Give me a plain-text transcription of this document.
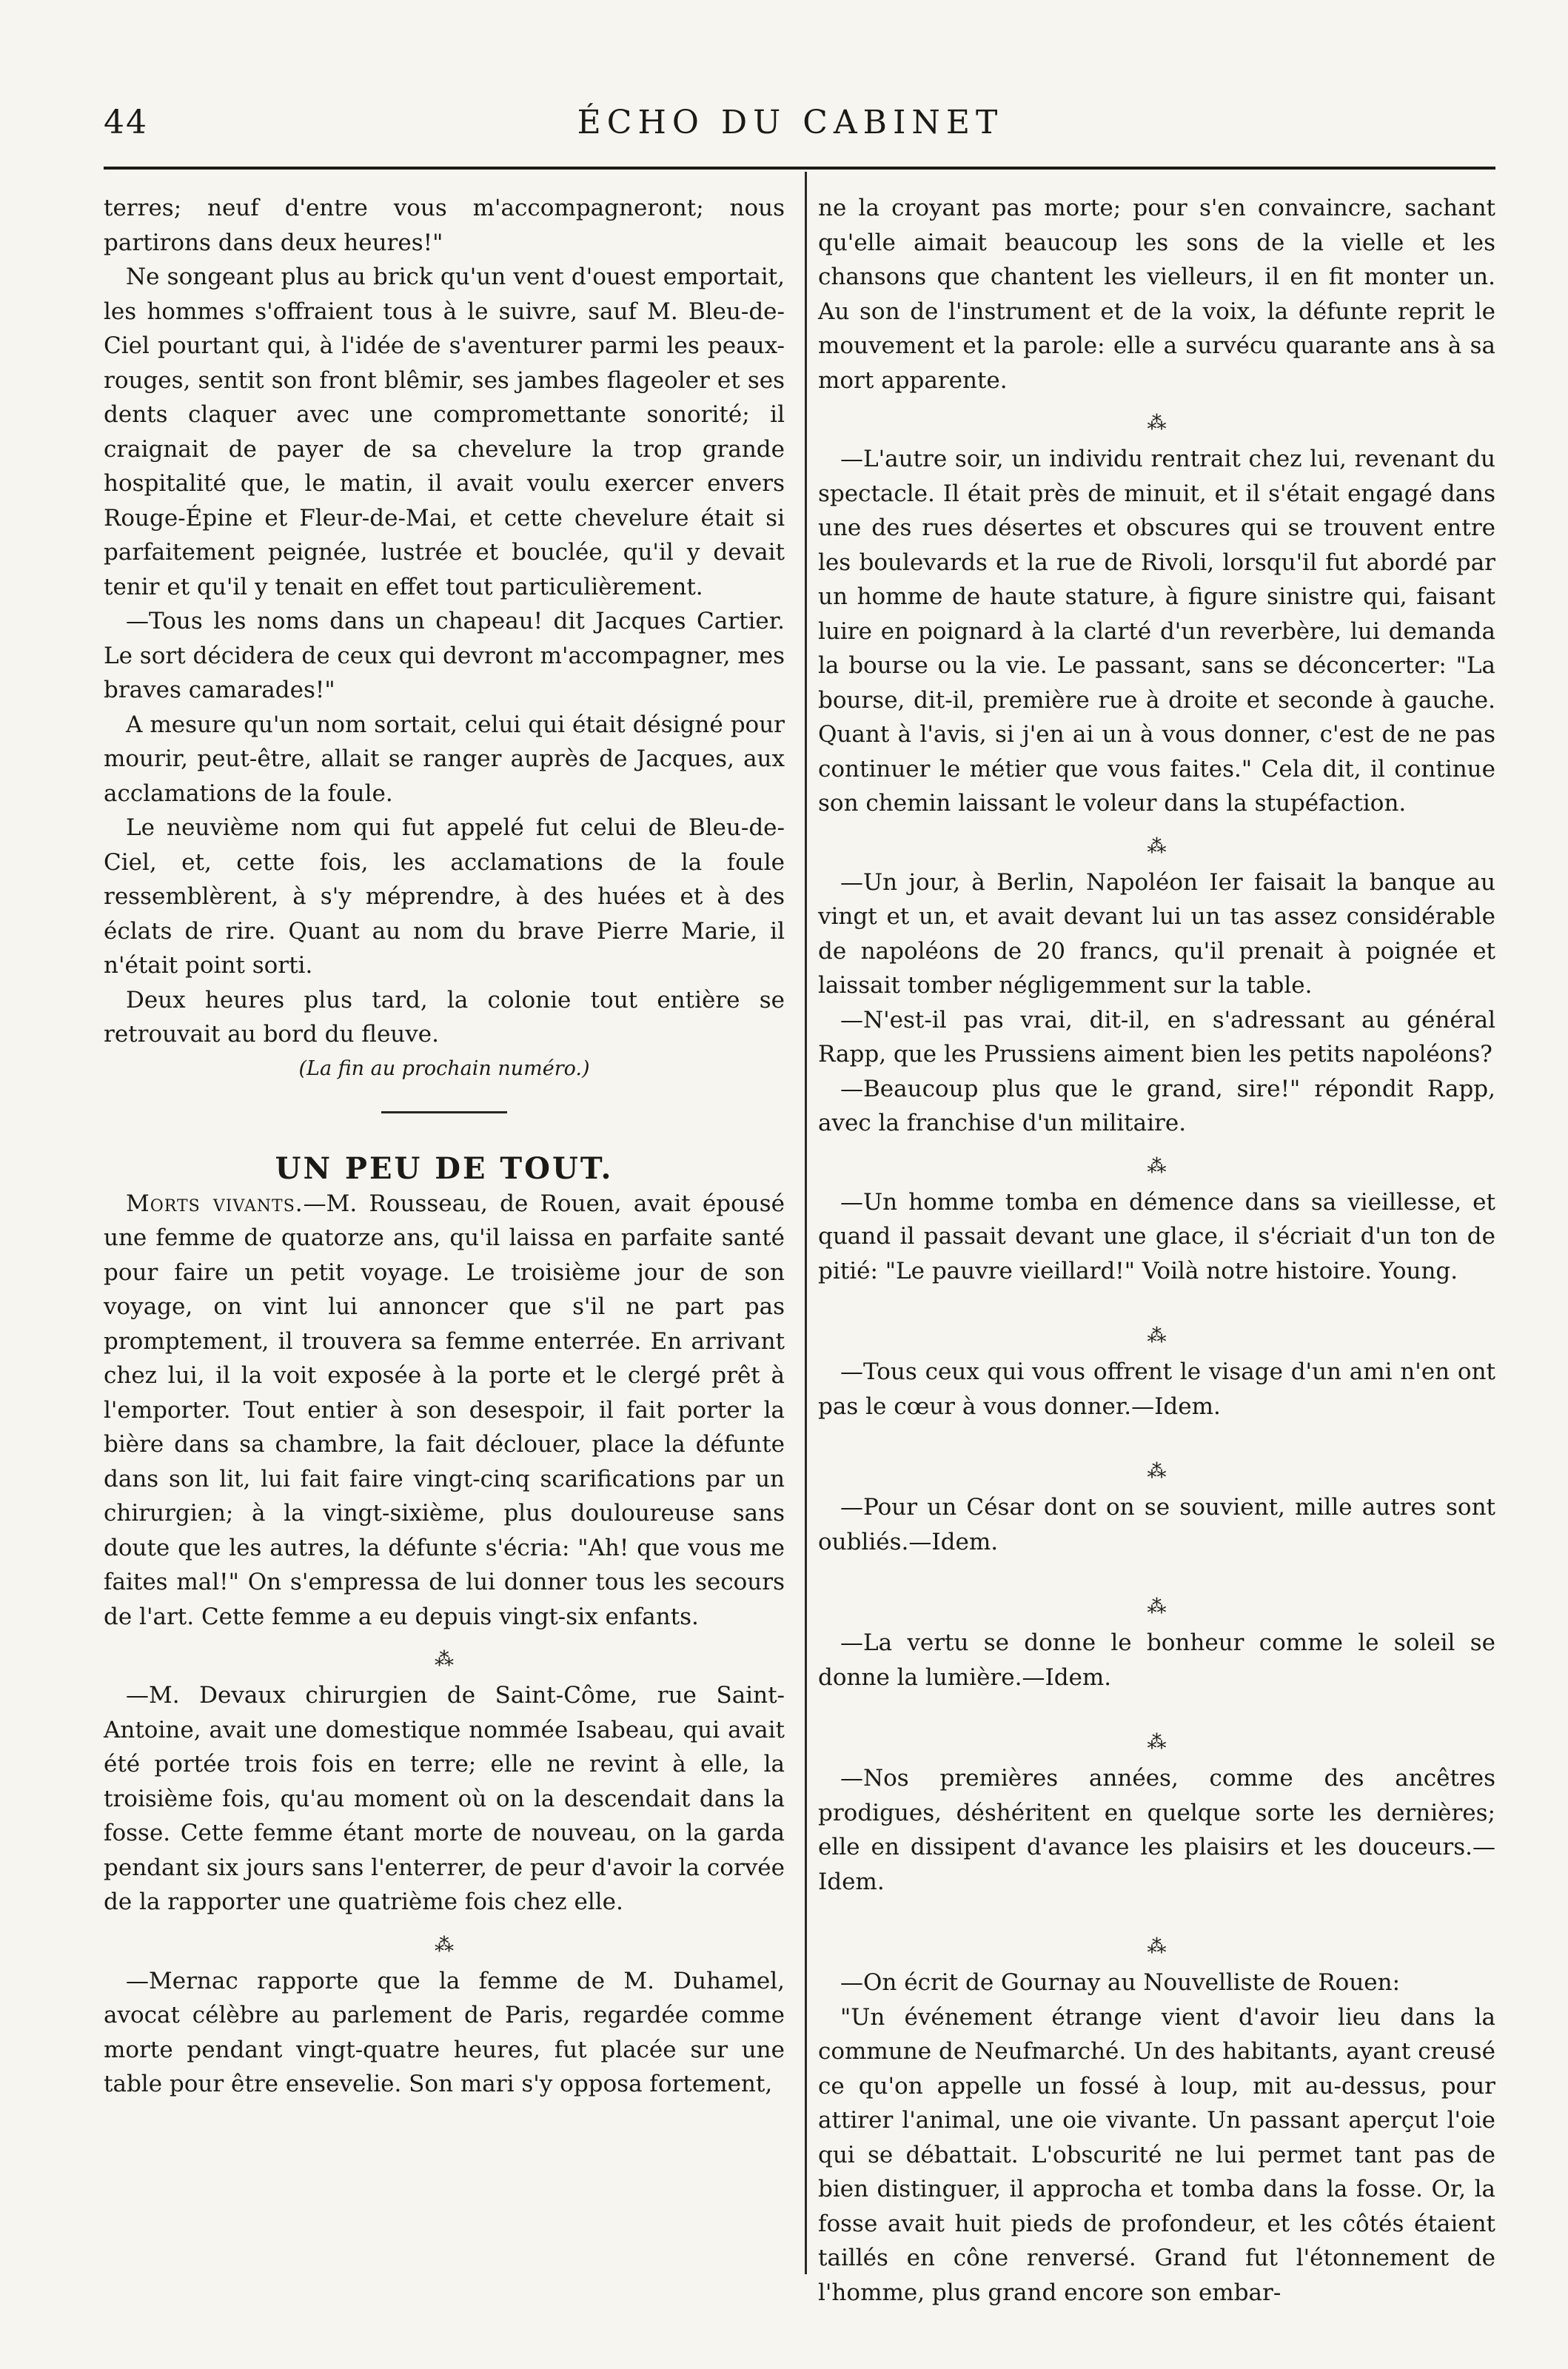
44	ÉCHO DU CABINET

terres; neuf d'entre vous m'accompagneront; nous partirons dans deux heures!"

Ne songeant plus au brick qu'un vent d'ouest emportait, les hommes s'offraient tous à le suivre, sauf M. Bleu-de-Ciel pourtant qui, à l'idée de s'aventurer parmi les peaux-rouges, sentit son front blêmir, ses jambes flageoler et ses dents claquer avec une compromettante sonorité; il craignait de payer de sa chevelure la trop grande hospitalité que, le matin, il avait voulu exercer envers Rouge-Épine et Fleur-de-Mai, et cette chevelure était si parfaitement peignée, lustrée et bouclée, qu'il y devait tenir et qu'il y tenait en effet tout particulièrement.

—Tous les noms dans un chapeau! dit Jacques Cartier. Le sort décidera de ceux qui devront m'accompagner, mes braves camarades!"

A mesure qu'un nom sortait, celui qui était désigné pour mourir, peut-être, allait se ranger auprès de Jacques, aux acclamations de la foule.

Le neuvième nom qui fut appelé fut celui de Bleu-de-Ciel, et, cette fois, les acclamations de la foule ressemblèrent, à s'y méprendre, à des huées et à des éclats de rire. Quant au nom du brave Pierre Marie, il n'était point sorti.

Deux heures plus tard, la colonie tout entière se retrouvait au bord du fleuve.

(La fin au prochain numéro.)

UN PEU DE TOUT.

Morts vivants.—M. Rousseau, de Rouen, avait épousé une femme de quatorze ans, qu'il laissa en parfaite santé pour faire un petit voyage. Le troisième jour de son voyage, on vint lui annoncer que s'il ne part pas promptement, il trouvera sa femme enterrée. En arrivant chez lui, il la voit exposée à la porte et le clergé prêt à l'emporter. Tout entier à son desespoir, il fait porter la bière dans sa chambre, la fait déclouer, place la défunte dans son lit, lui fait faire vingt-cinq scarifications par un chirurgien; à la vingt-sixième, plus douloureuse sans doute que les autres, la défunte s'écria: "Ah! que vous me faites mal!" On s'empressa de lui donner tous les secours de l'art. Cette femme a eu depuis vingt-six enfants.

⁂

—M. Devaux chirurgien de Saint-Côme, rue Saint-Antoine, avait une domestique nommée Isabeau, qui avait été portée trois fois en terre; elle ne revint à elle, la troisième fois, qu'au moment où on la descendait dans la fosse. Cette femme étant morte de nouveau, on la garda pendant six jours sans l'enterrer, de peur d'avoir la corvée de la rapporter une quatrième fois chez elle.

⁂

—Mernac rapporte que la femme de M. Duhamel, avocat célèbre au parlement de Paris, regardée comme morte pendant vingt-quatre heures, fut placée sur une table pour être ensevelie. Son mari s'y opposa fortement,

ne la croyant pas morte; pour s'en convaincre, sachant qu'elle aimait beaucoup les sons de la vielle et les chansons que chantent les vielleurs, il en fit monter un. Au son de l'instrument et de la voix, la défunte reprit le mouvement et la parole: elle a survécu quarante ans à sa mort apparente.

⁂

—L'autre soir, un individu rentrait chez lui, revenant du spectacle. Il était près de minuit, et il s'était engagé dans une des rues désertes et obscures qui se trouvent entre les boulevards et la rue de Rivoli, lorsqu'il fut abordé par un homme de haute stature, à figure sinistre qui, faisant luire en poignard à la clarté d'un reverbère, lui demanda la bourse ou la vie. Le passant, sans se déconcerter: "La bourse, dit-il, première rue à droite et seconde à gauche. Quant à l'avis, si j'en ai un à vous donner, c'est de ne pas continuer le métier que vous faites." Cela dit, il continue son chemin laissant le voleur dans la stupéfaction.

⁂

—Un jour, à Berlin, Napoléon Ier faisait la banque au vingt et un, et avait devant lui un tas assez considérable de napoléons de 20 francs, qu'il prenait à poignée et laissait tomber négligemment sur la table.

—N'est-il pas vrai, dit-il, en s'adressant au général Rapp, que les Prussiens aiment bien les petits napoléons?

—Beaucoup plus que le grand, sire!" répondit Rapp, avec la franchise d'un militaire.

⁂

—Un homme tomba en démence dans sa vieillesse, et quand il passait devant une glace, il s'écriait d'un ton de pitié: "Le pauvre vieillard!" Voilà notre histoire. Young.

⁂

—Tous ceux qui vous offrent le visage d'un ami n'en ont pas le cœur à vous donner.—Idem.

⁂

—Pour un César dont on se souvient, mille autres sont oubliés.—Idem.

⁂

—La vertu se donne le bonheur comme le soleil se donne la lumière.—Idem.

⁂

—Nos premières années, comme des ancêtres prodigues, déshéritent en quelque sorte les dernières; elle en dissipent d'avance les plaisirs et les douceurs.—Idem.

⁂

—On écrit de Gournay au Nouvelliste de Rouen:

"Un événement étrange vient d'avoir lieu dans la commune de Neufmarché. Un des habitants, ayant creusé ce qu'on appelle un fossé à loup, mit au-dessus, pour attirer l'animal, une oie vivante. Un passant aperçut l'oie qui se débattait. L'obscurité ne lui permet tant pas de bien distinguer, il approcha et tomba dans la fosse. Or, la fosse avait huit pieds de profondeur, et les côtés étaient taillés en cône renversé. Grand fut l'étonnement de l'homme, plus grand encore son embar-
